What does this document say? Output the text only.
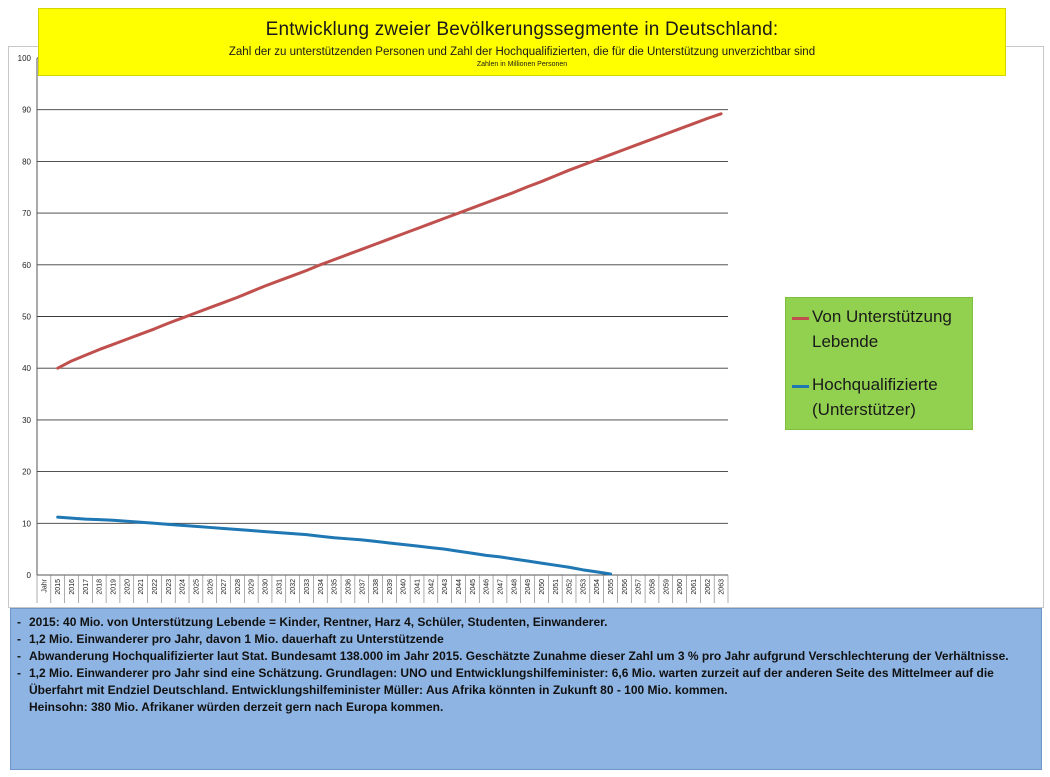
0
10
20
30
40
50
60
70
80
90
100
Jahr 2015 2016 2017 2018 2019 2020 2021 2022 2023 2024 2025 2026 2027 2028 2029 2030 2031 2032 2033 2034 2035 2036 2037 2038 2039 2040 2041 2042 2043 2044 2045 2046 2047 2048 2049 2050 2051 2052 2053 2054 2055 2056 2057 2058 2059 2060 2061 2062 2063
Entwicklung zweier Bevölkerungssegmente in Deutschland:
Zahl der zu unterstützenden Personen und Zahl der Hochqualifizierten, die für die Unterstützung unverzichtbar sind
Zahlen in Millionen Personen
Von Unterstützung
Lebende
Hochqualifizierte
(Unterstützer)
- 2015: 40 Mio. von Unterstützung Lebende = Kinder, Rentner, Harz 4, Schüler, Studenten, Einwanderer.
- 1,2 Mio. Einwanderer pro Jahr, davon 1 Mio. dauerhaft zu Unterstützende
- Abwanderung Hochqualifizierter laut Stat. Bundesamt 138.000 im Jahr 2015. Geschätzte Zunahme dieser Zahl um 3 % pro Jahr aufgrund Verschlechterung der Verhältnisse.
- 1,2 Mio. Einwanderer pro Jahr sind eine Schätzung. Grundlagen: UNO und Entwicklungshilfeminister: 6,6 Mio. warten zurzeit auf der anderen Seite des Mittelmeer auf die Überfahrt mit Endziel Deutschland. Entwicklungshilfeminister Müller: Aus Afrika könnten in Zukunft 80 - 100 Mio. kommen.
Heinsohn: 380 Mio. Afrikaner würden derzeit gern nach Europa kommen.
